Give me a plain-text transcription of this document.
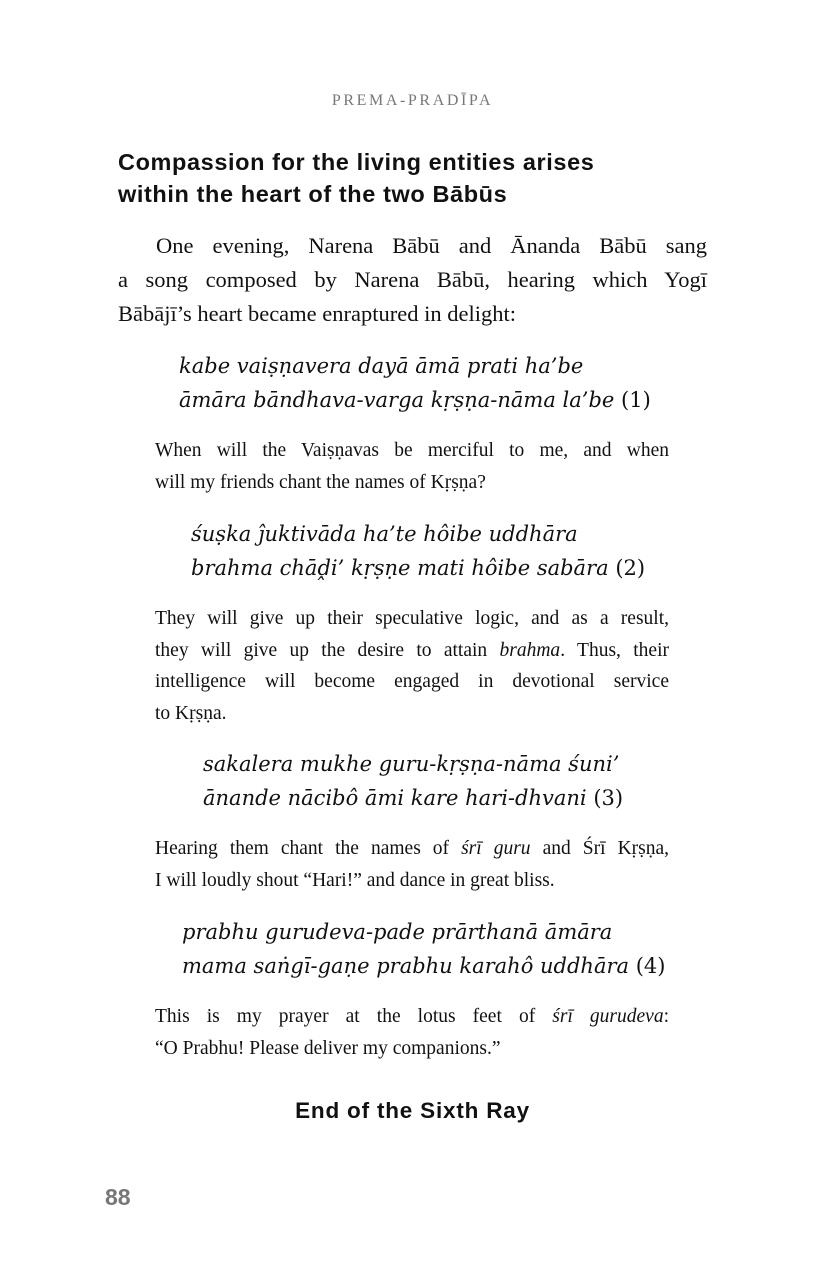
PREMA-PRADĪPA
Compassion for the living entities arises
within the heart of the two Bābūs

One evening, Narena Bābū and Ānanda Bābū sang
a song composed by Narena Bābū, hearing which Yogī
Bābājī’s heart became enraptured in delight:

kabe vaiṣṇavera dayā āmā prati ha’be
āmāra bāndhava-varga kṛṣṇa-nāma la’be (1)

When will the Vaiṣṇavas be merciful to me, and when
will my friends chant the names of Kṛṣṇa?

śuṣka ĵuktivāda ha’te hôibe uddhāra
brahma chāḓi’ kṛṣṇe mati hôibe sabāra (2)

They will give up their speculative logic, and as a result,
they will give up the desire to attain brahma. Thus, their
intelligence will become engaged in devotional service
to Kṛṣṇa.

sakalera mukhe guru-kṛṣṇa-nāma śuni’
ānande nācibô āmi kare hari-dhvani (3)

Hearing them chant the names of śrī guru and Śrī Kṛṣṇa,
I will loudly shout “Hari!” and dance in great bliss.

prabhu gurudeva-pade prārthanā āmāra
mama saṅgī-gaṇe prabhu karahô uddhāra (4)

This is my prayer at the lotus feet of śrī gurudeva:
“O Prabhu! Please deliver my companions.”

End of the Sixth Ray
88
